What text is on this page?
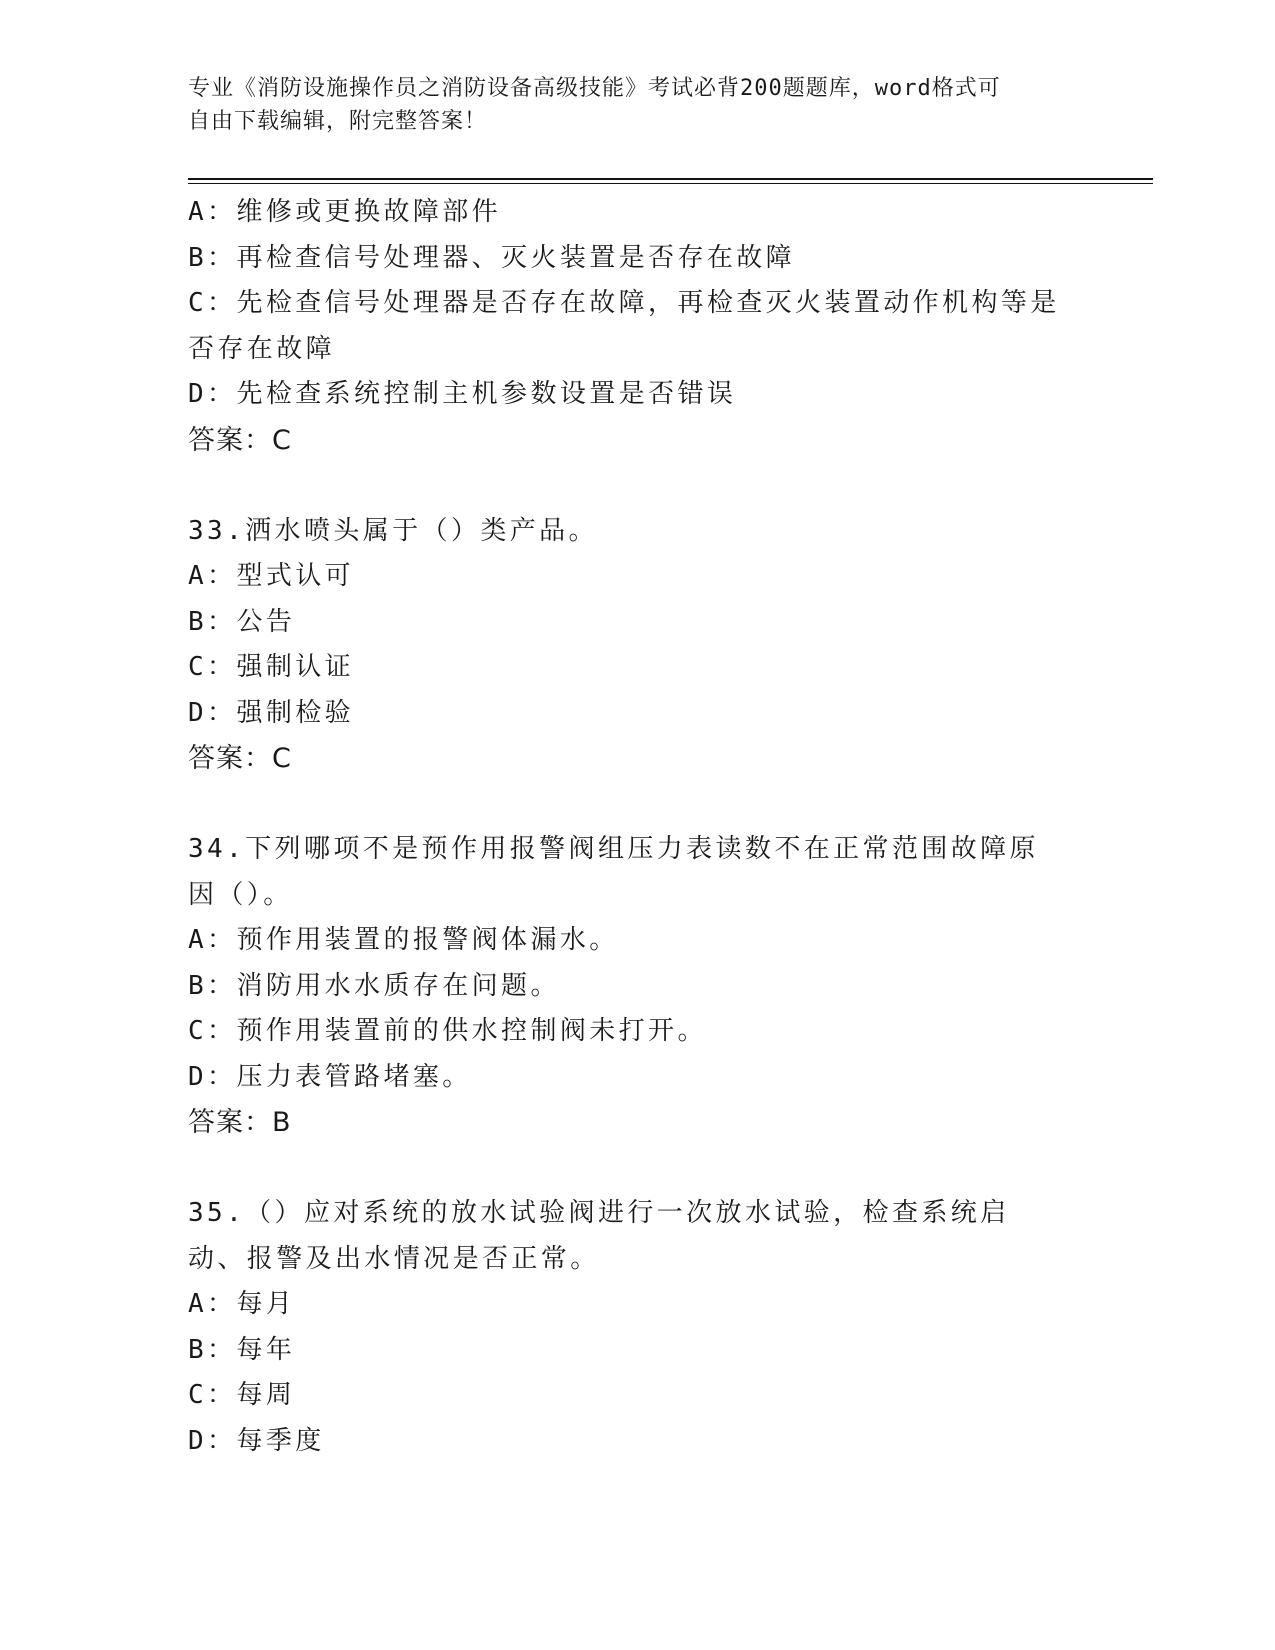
专业《消防设施操作员之消防设备高级技能》考试必背200题题库，word格式可
自由下载编辑，附完整答案！
A：维修或更换故障部件
B：再检查信号处理器、灭火装置是否存在故障
C：先检查信号处理器是否存在故障，再检查灭火装置动作机构等是否存在故障
D：先检查系统控制主机参数设置是否错误
答案：C
33.洒水喷头属于（）类产品。
A：型式认可
B：公告
C：强制认证
D：强制检验
答案：C
34.下列哪项不是预作用报警阀组压力表读数不在正常范围故障原因（）。
A：预作用装置的报警阀体漏水。
B：消防用水水质存在问题。
C：预作用装置前的供水控制阀未打开。
D：压力表管路堵塞。
答案：B
35.（）应对系统的放水试验阀进行一次放水试验，检查系统启动、报警及出水情况是否正常。
A：每月
B：每年
C：每周
D：每季度
